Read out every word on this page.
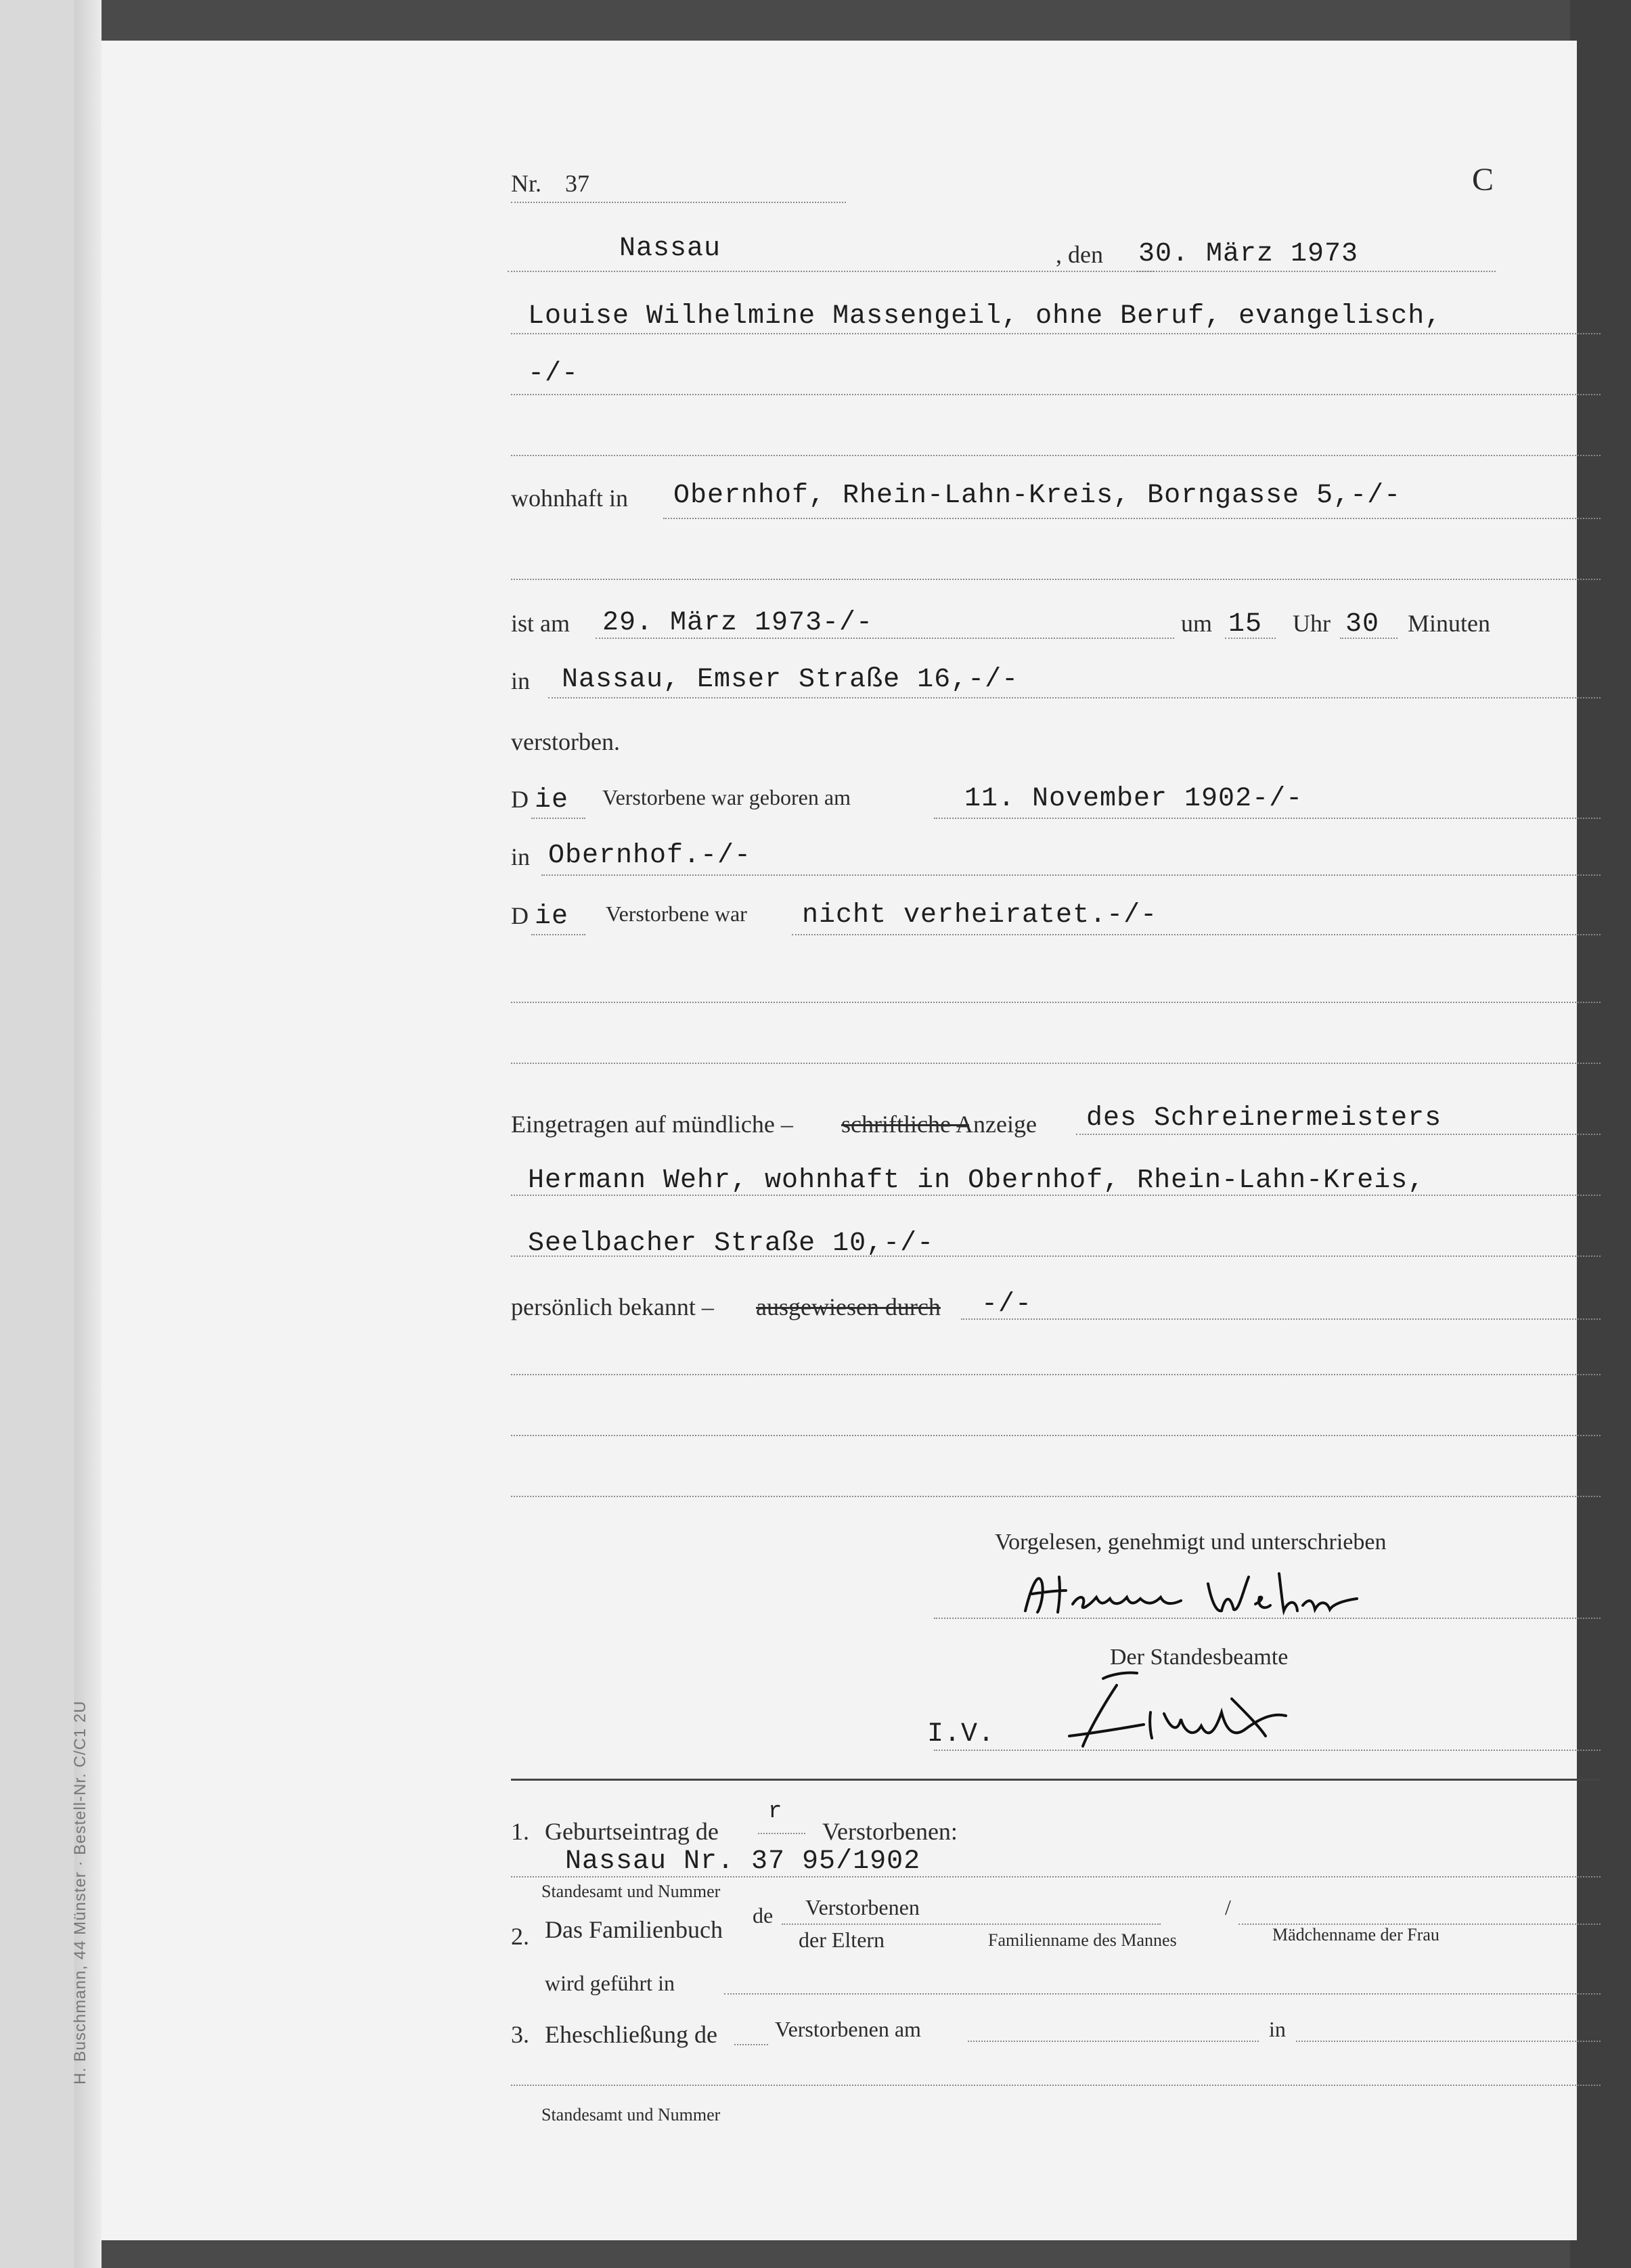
Nr. 37	C
Nassau	, den 30. März 1973
Louise Wilhelmine Massengeil, ohne Beruf, evangelisch,
-/-
wohnhaft in Obernhof, Rhein-Lahn-Kreis, Borngasse 5,-/-
ist am 29. März 1973-/-	um 15 Uhr 30 Minuten
in Nassau, Emser Straße 16,-/-
verstorben.
D ie Verstorbene war geboren am	11. November 1902-/-
in Obernhof.-/-
D ie Verstorbene war nicht verheiratet.-/-
Eingetragen auf mündliche – schriftliche –
Anzeige des Schreinermeisters
Hermann Wehr, wohnhaft in Obernhof, Rhein-Lahn-Kreis,
Seelbacher Straße 10,-/-
persönlich bekannt – ausgewiesen durch -/-
Vorgelesen, genehmigt und unterschrieben
Hermann Wehr
Der Standesbeamte
I.V.
Fink
1. Geburtseintrag de
r
Verstorbenen:
Nassau Nr. 37 95/1902
Standesamt und Nummer
2. Das Familienbuch
de Verstorbenen	/
der Eltern	Familienname des Mannes	Mädchenname der Frau
wird geführt in
3. Eheschließung de	Verstorbenen am	in
Standesamt und Nummer
H. Buschmann, 44 Münster · Bestell-Nr. C/C1 2U
